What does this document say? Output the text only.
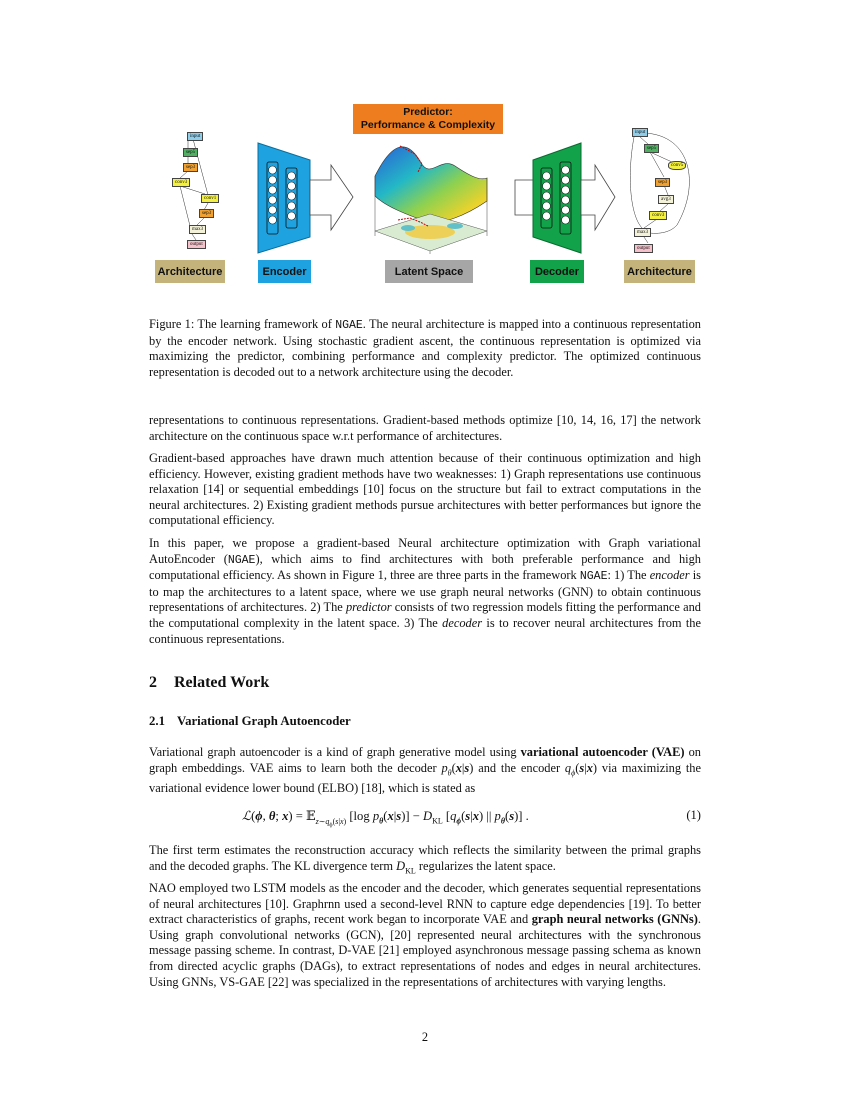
Predictor:
Performance & Complexity
input
sep5
sep3
conv3
conv1
sep3
max3
output
input
sep5
conv5
sep3
avg3
conv3
max3
output
Architecture	Encoder	Latent Space	Decoder	Architecture
Figure 1: The learning framework of NGAE. The neural architecture is mapped into a continuous representation by the encoder network. Using stochastic gradient ascent, the continuous representation is optimized via maximizing the predictor, combining performance and complexity predictor. The optimized continuous representation is decoded out to a network architecture using the decoder.
representations to continuous representations. Gradient-based methods optimize [10, 14, 16, 17] the network architecture on the continuous space w.r.t performance of architectures.
Gradient-based approaches have drawn much attention because of their continuous optimization and high efficiency. However, existing gradient methods have two weaknesses: 1) Graph representations use continuous relaxation [14] or sequential embeddings [10] focus on the structure but fail to extract computations in the neural architectures. 2) Existing gradient methods pursue architectures with better performances but ignore the computational efficiency.
In this paper, we propose a gradient-based Neural architecture optimization with Graph variational AutoEncoder (NGAE), which aims to find architectures with both preferable performance and high computational efficiency. As shown in Figure 1, three are three parts in the framework NGAE: 1) The encoder is to map the architectures to a latent space, where we use graph neural networks (GNN) to obtain continuous representations of architectures. 2) The predictor consists of two regression models fitting the performance and the computational complexity in the latent space. 3) The decoder is to recover neural architectures from the continuous representations.
2 Related Work
2.1 Variational Graph Autoencoder
Variational graph autoencoder is a kind of graph generative model using variational autoencoder (VAE) on graph embeddings. VAE aims to learn both the decoder $p_\theta(x|s)$ and the encoder $q_\phi(s|x)$ via maximizing the variational evidence lower bound (ELBO) [18], which is stated as
ℒ(ϕ, θ; x) = 𝔼$_{z\sim q_\phi(s|x)}$ [log $p_\theta(x|s)] - D_{KL}$ [$q_\phi(s|x)$ || $p_\theta(s)$] .	(1)
The first term estimates the reconstruction accuracy which reflects the similarity between the primal graphs and the decoded graphs. The KL divergence term $D_{KL}$ regularizes the latent space.
NAO employed two LSTM models as the encoder and the decoder, which generates sequential representations of neural architectures [10]. Graphrnn used a second-level RNN to capture edge dependencies [19]. To better extract characteristics of graphs, recent work began to incorporate VAE and graph neural networks (GNNs). Using graph convolutional networks (GCN), [20] represented neural architectures with the synchronous message passing scheme. In contrast, D-VAE [21] employed asynchronous message passing schema as known from directed acyclic graphs (DAGs), to extract representations of nodes and edges in neural architectures. Using GNNs, VS-GAE [22] was specialized in the representations of architectures with varying lengths.
2
